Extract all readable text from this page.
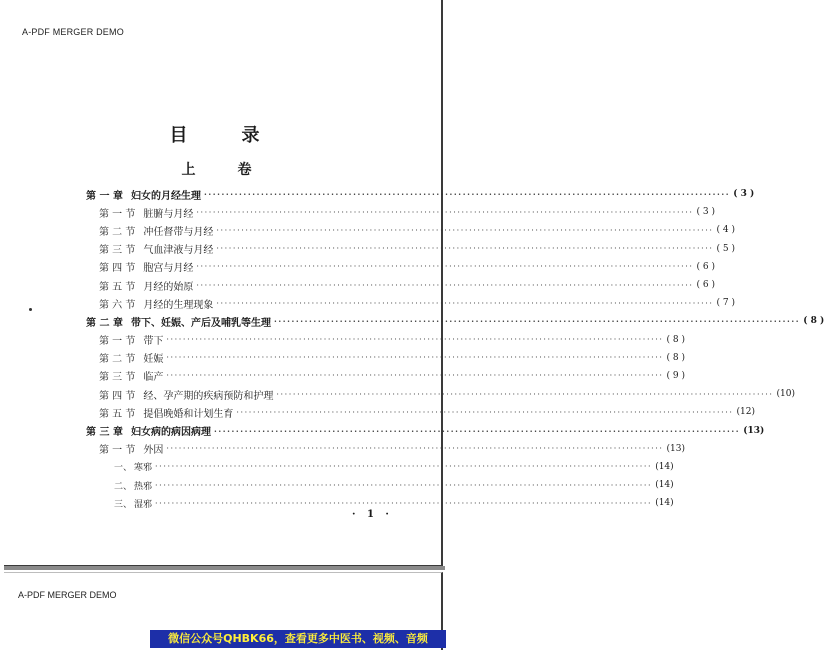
A-PDF MERGER DEMO
目　录
上　卷
第 一 章 妇女的月经生理 ························································································································ ( 3 )
第 一 节 脏腑与月经 ························································································································ ( 3 )
第 二 节 冲任督带与月经 ························································································································ ( 4 )
第 三 节 气血津液与月经 ························································································································ ( 5 )
第 四 节 胞宫与月经 ························································································································ ( 6 )
第 五 节 月经的始原 ························································································································ ( 6 )
第 六 节 月经的生理现象 ························································································································ ( 7 )
第 二 章 带下、妊娠、产后及哺乳等生理 ························································································································ ( 8 )
第 一 节 带下 ························································································································ ( 8 )
第 二 节 妊娠 ························································································································ ( 8 )
第 三 节 临产 ························································································································ ( 9 )
第 四 节 经、孕产期的疾病预防和护理 ························································································································ (10)
第 五 节 提倡晚婚和计划生育 ························································································································ (12)
第 三 章 妇女病的病因病理 ························································································································ (13)
第 一 节 外因 ························································································································ (13)
一、 寒邪 ························································································································ (14)
二、 热邪 ························································································································ (14)
三、 湿邪 ························································································································ (14)
· 1 ·
A-PDF MERGER DEMO
微信公众号QHBK66，查看更多中医书、视频、音频
